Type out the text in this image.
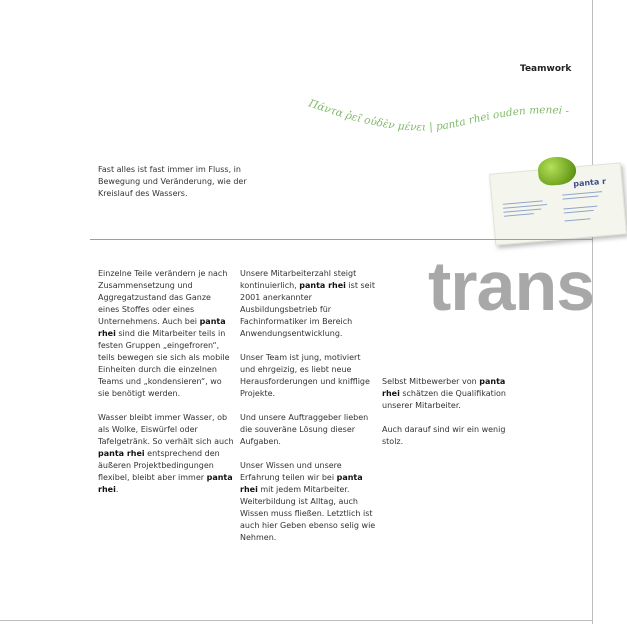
Teamwork
Πάντα ῥεῖ οὐδὲν μένει | panta rhei ouden menei -
Fast alles ist fast immer im Fluss, in Bewegung und Veränderung, wie der Kreislauf des Wassers.
panta r
trans

Einzelne Teile verändern je nach Zusammensetzung und Aggregatzustand das Ganze eines Stoffes oder eines Unternehmens. Auch bei panta rhei sind die Mitarbeiter teils in festen Gruppen „eingefroren“, teils bewegen sie sich als mobile Einheiten durch die einzelnen Teams und „kondensieren“, wo sie benötigt werden.

Wasser bleibt immer Wasser, ob als Wolke, Eiswürfel oder Tafelgetränk. So verhält sich auch panta rhei entsprechend den äußeren Projektbedingungen flexibel, bleibt aber immer panta rhei.

Unsere Mitarbeiterzahl steigt kontinuierlich, panta rhei ist seit 2001 anerkannter Ausbildungsbetrieb für Fachinformatiker im Bereich Anwendungsentwicklung.

Unser Team ist jung, motiviert und ehrgeizig, es liebt neue Herausforderungen und knifflige Projekte.

Und unsere Auftraggeber lieben die souveräne Lösung dieser Aufgaben.

Unser Wissen und unsere Erfahrung teilen wir bei panta rhei mit jedem Mitarbeiter. Weiterbildung ist Alltag, auch Wissen muss fließen. Letztlich ist auch hier Geben ebenso selig wie Nehmen.

Selbst Mitbewerber von panta rhei schätzen die Qualifikation unserer Mitarbeiter.

Auch darauf sind wir ein wenig stolz.
